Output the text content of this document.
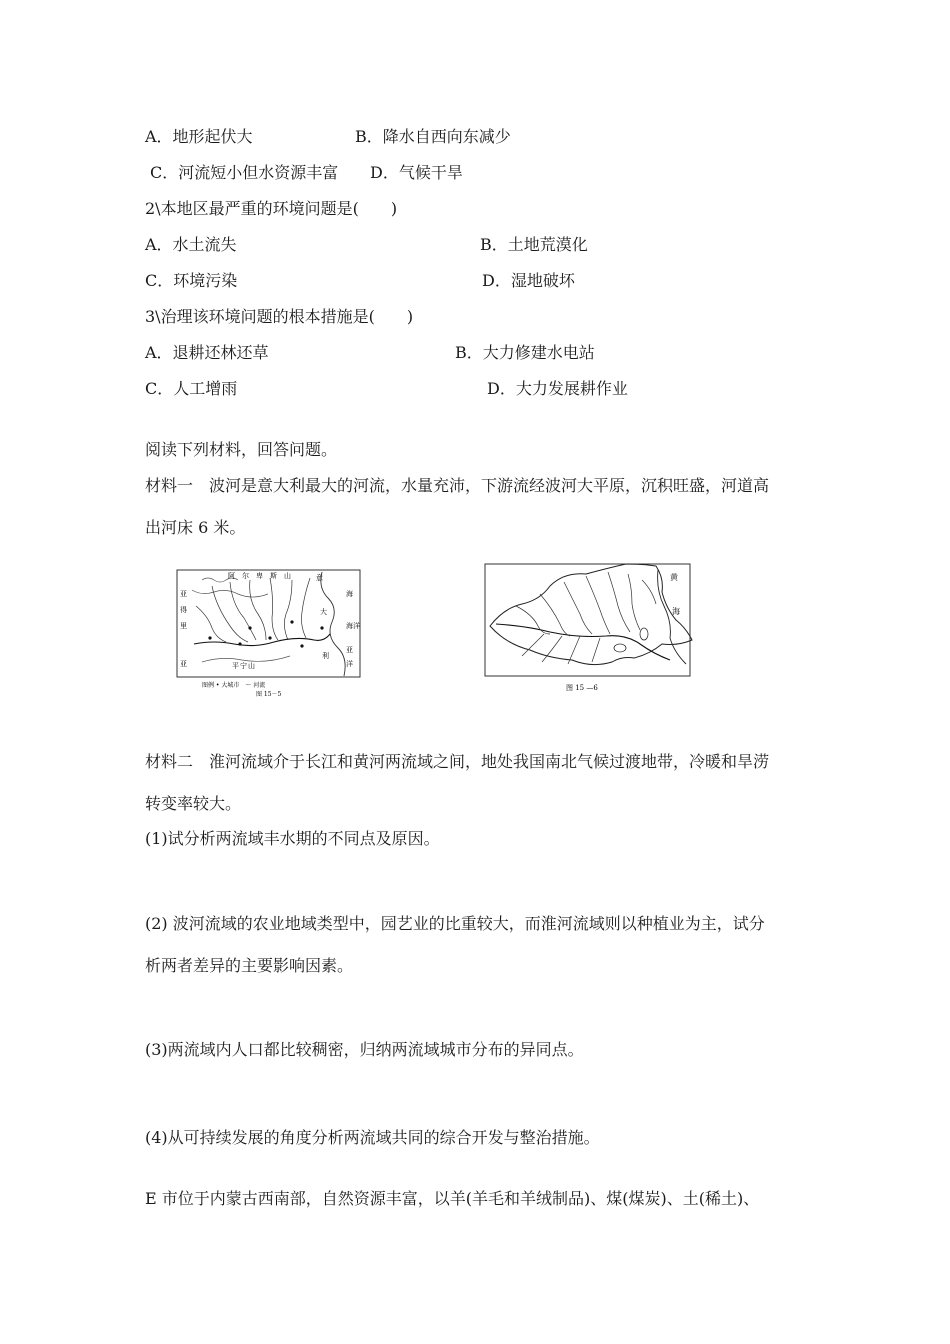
A．地形起伏大	B．降水自西向东减少
C．河流短小但水资源丰富 D．气候干旱
2\本地区最严重的环境问题是(　　)
A．水土流失	B．土地荒漠化
C．环境污染	D．湿地破坏
3\治理该环境问题的根本措施是(　　)
A．退耕还林还草	B．大力修建水电站
C．人工增雨	D．大力发展耕作业
阅读下列材料，回答问题。
材料一　波河是意大利最大的河流，水量充沛，下游流经波河大平原，沉积旺盛，河道高
出河床 6 米。
阿 尔 卑 斯 山
亚
得
里
亚
海
平 宁 山
大
利
亚
洋
意
海洋
图例 • 大城市　〜 河流
图 15－5
黄
海
图 15 —6
材料二　淮河流域介于长江和黄河两流域之间，地处我国南北气候过渡地带，冷暖和旱涝
转变率较大。
(1)试分析两流域丰水期的不同点及原因。
(2) 波河流域的农业地域类型中，园艺业的比重较大，而淮河流域则以种植业为主，试分
析两者差异的主要影响因素。
(3)两流域内人口都比较稠密，归纳两流域城市分布的异同点。
(4)从可持续发展的角度分析两流域共同的综合开发与整治措施。
E 市位于内蒙古西南部，自然资源丰富，以羊(羊毛和羊绒制品)、煤(煤炭)、土(稀土)、
